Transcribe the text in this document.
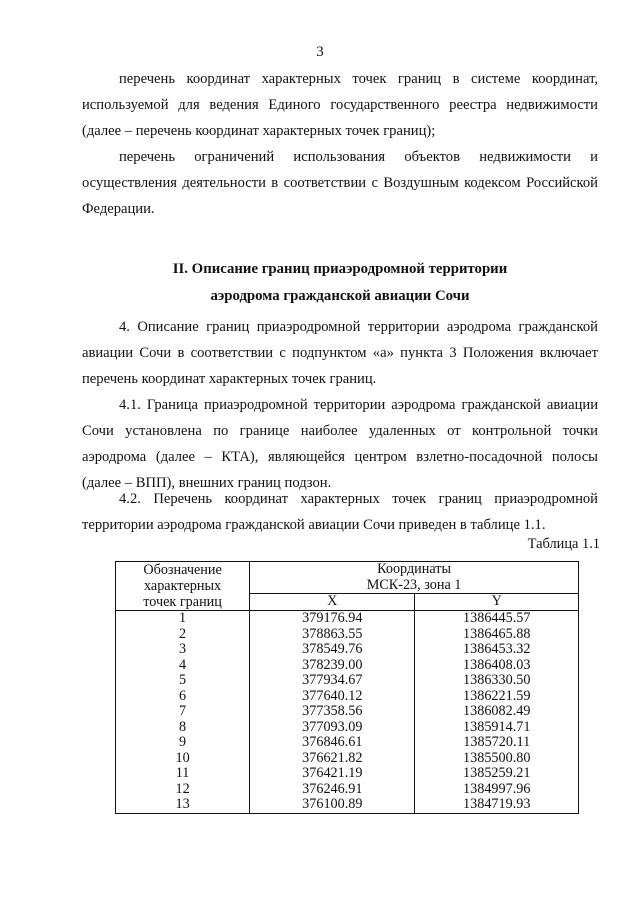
3

перечень координат характерных точек границ в системе координат, используемой для ведения Единого государственного реестра недвижимости (далее – перечень координат характерных точек границ);

перечень ограничений использования объектов недвижимости и осуществления деятельности в соответствии с Воздушным кодексом Российской Федерации.

II. Описание границ приаэродромной территории

аэродрома гражданской авиации Сочи

4. Описание границ приаэродромной территории аэродрома гражданской авиации Сочи в соответствии с подпунктом «а» пункта 3 Положения включает перечень координат характерных точек границ.

4.1. Граница приаэродромной территории аэродрома гражданской авиации Сочи установлена по границе наиболее удаленных от контрольной точки аэродрома (далее – КТА), являющейся центром взлетно-посадочной полосы (далее – ВПП), внешних границ подзон.

4.2. Перечень координат характерных точек границ приаэродромной территории аэродрома гражданской авиации Сочи приведен в таблице 1.1.

Таблица 1.1
Обозначение
характерных
точек границ	Координаты	
	МСК-23, зона 1	
	X	Y
1	379176.94	1386445.57
2	378863.55	1386465.88
3	378549.76	1386453.32
4	378239.00	1386408.03
5	377934.67	1386330.50
6	377640.12	1386221.59
7	377358.56	1386082.49
8	377093.09	1385914.71
9	376846.61	1385720.11
10	376621.82	1385500.80
11	376421.19	1385259.21
12	376246.91	1384997.96
13	376100.89	1384719.93
